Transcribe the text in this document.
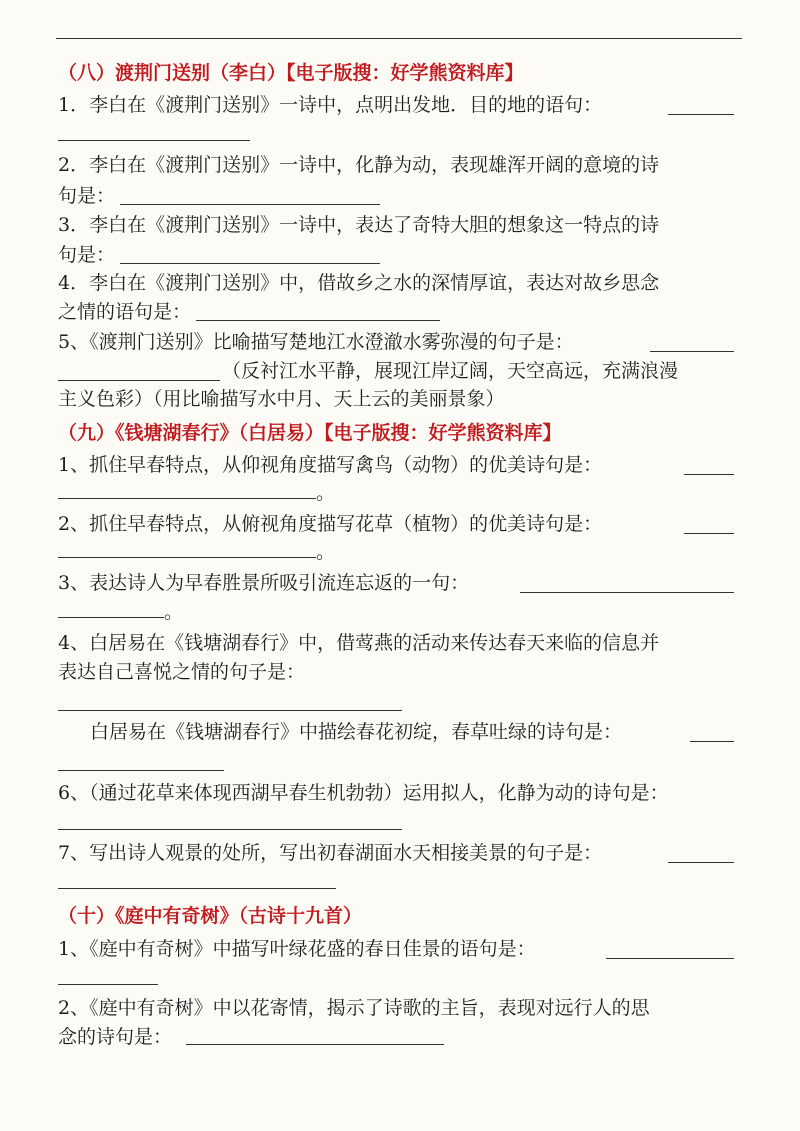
（八）渡荆门送别（李白）【电子版搜：好学熊资料库】
1．李白在《渡荆门送别》一诗中，点明出发地．目的地的语句：
2．李白在《渡荆门送别》一诗中，化静为动，表现雄浑开阔的意境的诗
句是：
3．李白在《渡荆门送别》一诗中，表达了奇特大胆的想象这一特点的诗
句是：
4．李白在《渡荆门送别》中，借故乡之水的深情厚谊，表达对故乡思念
之情的语句是：
5、《渡荆门送别》比喻描写楚地江水澄澈水雾弥漫的句子是：
（反衬江水平静，展现江岸辽阔，天空高远，充满浪漫
主义色彩）（用比喻描写水中月、天上云的美丽景象）
（九）《钱塘湖春行》（白居易）【电子版搜：好学熊资料库】
1、抓住早春特点，从仰视角度描写禽鸟（动物）的优美诗句是：
。
2、抓住早春特点，从俯视角度描写花草（植物）的优美诗句是：
。
3、表达诗人为早春胜景所吸引流连忘返的一句：
。
4、白居易在《钱塘湖春行》中，借莺燕的活动来传达春天来临的信息并
表达自己喜悦之情的句子是：
白居易在《钱塘湖春行》中描绘春花初绽，春草吐绿的诗句是：
6、（通过花草来体现西湖早春生机勃勃）运用拟人，化静为动的诗句是：
7、写出诗人观景的处所，写出初春湖面水天相接美景的句子是：
（十）《庭中有奇树》（古诗十九首）
1、《庭中有奇树》中描写叶绿花盛的春日佳景的语句是：
2、《庭中有奇树》中以花寄情，揭示了诗歌的主旨，表现对远行人的思
念的诗句是：
